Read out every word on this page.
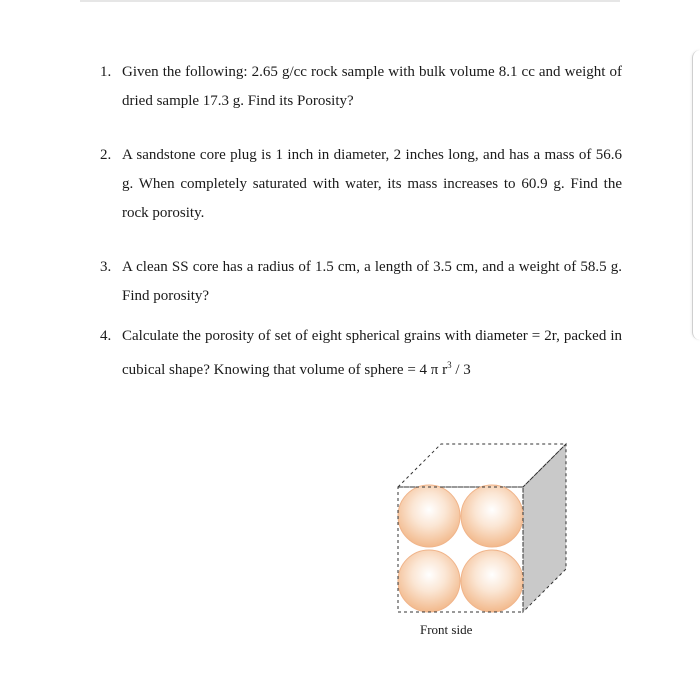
1. Given the following: 2.65 g/cc rock sample with bulk volume 8.1 cc and weight of dried sample 17.3 g. Find its Porosity?
2. A sandstone core plug is 1 inch in diameter, 2 inches long, and has a mass of 56.6 g. When completely saturated with water, its mass increases to 60.9 g. Find the rock porosity.
3. A clean SS core has a radius of 1.5 cm, a length of 3.5 cm, and a weight of 58.5 g. Find porosity?
4. Calculate the porosity of set of eight spherical grains with diameter = 2r, packed in cubical shape? Knowing that volume of sphere = 4 π $r^3 / 3$
Front side
